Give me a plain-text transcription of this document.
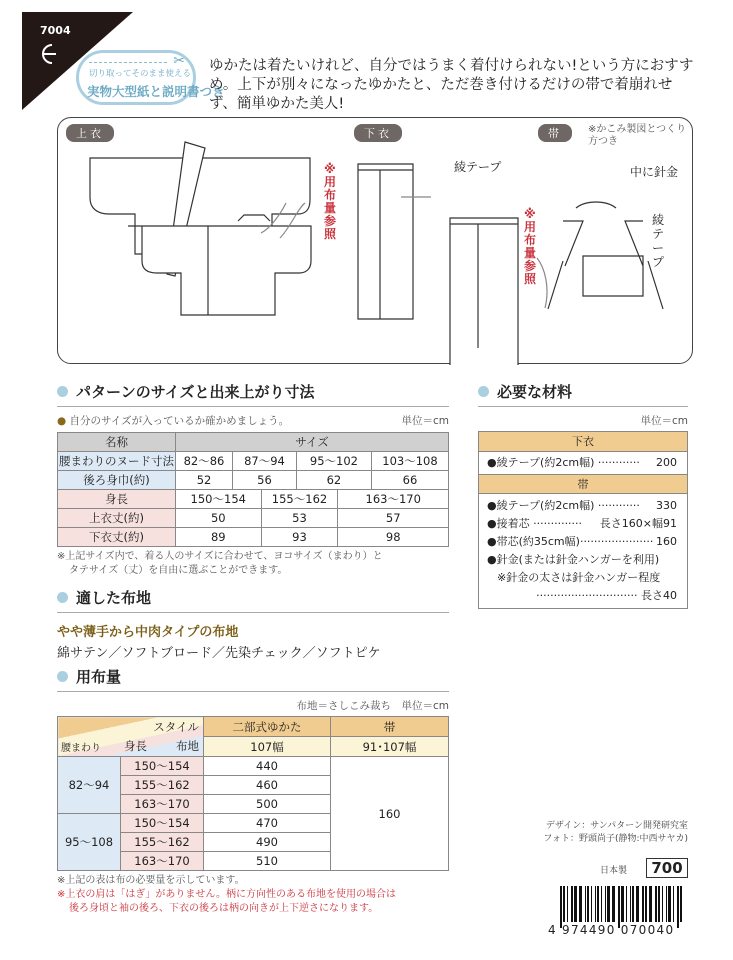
7004
✂
切り取ってそのまま使える
実物大型紙と説明書つき
ゆかたは着たいけれど、自分ではうまく着付けられない!という方におすすめ。上下が別々になったゆかたと、ただ巻き付けるだけの帯で着崩れせず、簡単ゆかた美人!
上衣	下衣	帯	※かこみ製図とつくり方つき
※用布量参照
※用布量参照
綾テープ	中に針金
綾テープ
パターンのサイズと出来上がり寸法
● 自分のサイズが入っているか確かめましょう。	単位＝cm
名称	サイズ					
腰まわりのヌード寸法	82〜86	87〜94		95〜102		103〜108
後ろ身巾(約)	52	56		62		66
身長	150〜154		155〜162		163〜170	
上衣丈(約)	50		53		57	
下衣丈(約)	89		93		98	
※上記サイズ内で、着る人のサイズに合わせて、ヨコサイズ（まわり）と
タテサイズ（丈）を自由に選ぶことができます。
必要な材料
単位＝cm
下衣
●綾テープ(約2cm幅) ············ 200
帯
●綾テープ(約2cm幅) ············ 330
●接着芯 ·············· 長さ160×幅91
●帯芯(約35cm幅)····················· 160
●針金(または針金ハンガーを利用)
※針金の太さは針金ハンガー程度
····························· 長さ40
適した布地
やや薄手から中肉タイプの布地
綿サテン／ソフトブロード／先染チェック／ソフトピケ
用布量
布地＝さしこみ裁ち　単位＝cm
スタイル
布地
腰まわり 身長		二部式ゆかた	帯
		107幅	91･107幅
82〜94	150〜154	440	160
	155〜162	460	
	163〜170	500	
95〜108	150〜154	470	
	155〜162	490	
	163〜170	510	
※上記の表は布の必要量を示しています。
※上衣の肩は「はぎ」がありません。柄に方向性のある布地を使用の場合は
後ろ身頃と袖の後ろ、下衣の後ろは柄の向きが上下逆さになります。
デザイン：サンパターン開発研究室
フォト：野頭尚子(静物:中西サヤカ)
日本製	700
4 974490 070040
